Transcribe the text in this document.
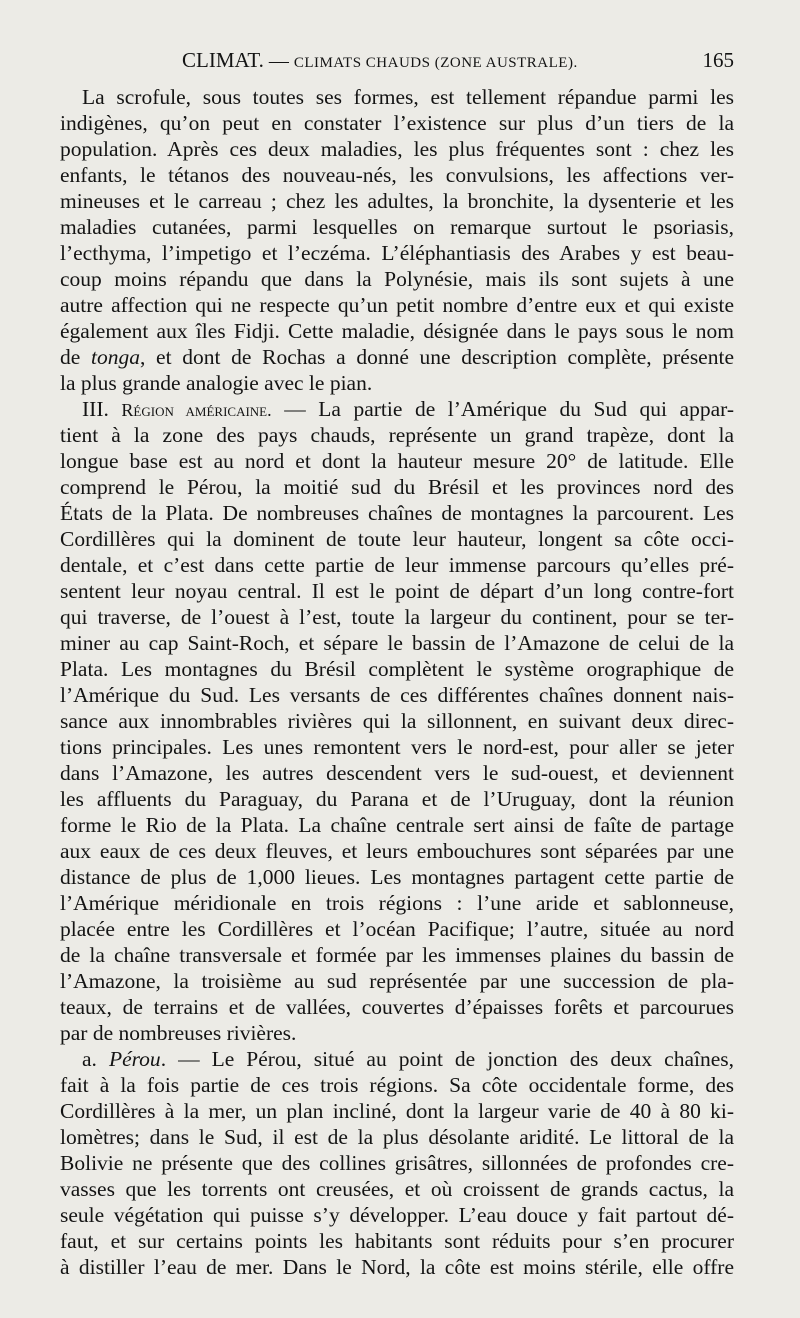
CLIMAT. — CLIMATS CHAUDS (ZONE AUSTRALE).	165
La scrofule, sous toutes ses formes, est tellement répandue parmi les
indigènes, qu’on peut en constater l’existence sur plus d’un tiers de la
population. Après ces deux maladies, les plus fréquentes sont : chez les
enfants, le tétanos des nouveau-nés, les convulsions, les affections ver-
mineuses et le carreau ; chez les adultes, la bronchite, la dysenterie et les
maladies cutanées, parmi lesquelles on remarque surtout le psoriasis,
l’ecthyma, l’impetigo et l’eczéma. L’éléphantiasis des Arabes y est beau-
coup moins répandu que dans la Polynésie, mais ils sont sujets à une
autre affection qui ne respecte qu’un petit nombre d’entre eux et qui existe
également aux îles Fidji. Cette maladie, désignée dans le pays sous le nom
de tonga, et dont de Rochas a donné une description complète, présente
la plus grande analogie avec le pian.
III. Région américaine. — La partie de l’Amérique du Sud qui appar-
tient à la zone des pays chauds, représente un grand trapèze, dont la
longue base est au nord et dont la hauteur mesure 20° de latitude. Elle
comprend le Pérou, la moitié sud du Brésil et les provinces nord des
États de la Plata. De nombreuses chaînes de montagnes la parcourent. Les
Cordillères qui la dominent de toute leur hauteur, longent sa côte occi-
dentale, et c’est dans cette partie de leur immense parcours qu’elles pré-
sentent leur noyau central. Il est le point de départ d’un long contre-fort
qui traverse, de l’ouest à l’est, toute la largeur du continent, pour se ter-
miner au cap Saint-Roch, et sépare le bassin de l’Amazone de celui de la
Plata. Les montagnes du Brésil complètent le système orographique de
l’Amérique du Sud. Les versants de ces différentes chaînes donnent nais-
sance aux innombrables rivières qui la sillonnent, en suivant deux direc-
tions principales. Les unes remontent vers le nord-est, pour aller se jeter
dans l’Amazone, les autres descendent vers le sud-ouest, et deviennent
les affluents du Paraguay, du Parana et de l’Uruguay, dont la réunion
forme le Rio de la Plata. La chaîne centrale sert ainsi de faîte de partage
aux eaux de ces deux fleuves, et leurs embouchures sont séparées par une
distance de plus de 1,000 lieues. Les montagnes partagent cette partie de
l’Amérique méridionale en trois régions : l’une aride et sablonneuse,
placée entre les Cordillères et l’océan Pacifique; l’autre, située au nord
de la chaîne transversale et formée par les immenses plaines du bassin de
l’Amazone, la troisième au sud représentée par une succession de pla-
teaux, de terrains et de vallées, couvertes d’épaisses forêts et parcourues
par de nombreuses rivières.
a. Pérou. — Le Pérou, situé au point de jonction des deux chaînes,
fait à la fois partie de ces trois régions. Sa côte occidentale forme, des
Cordillères à la mer, un plan incliné, dont la largeur varie de 40 à 80 ki-
lomètres; dans le Sud, il est de la plus désolante aridité. Le littoral de la
Bolivie ne présente que des collines grisâtres, sillonnées de profondes cre-
vasses que les torrents ont creusées, et où croissent de grands cactus, la
seule végétation qui puisse s’y développer. L’eau douce y fait partout dé-
faut, et sur certains points les habitants sont réduits pour s’en procurer
à distiller l’eau de mer. Dans le Nord, la côte est moins stérile, elle offre
